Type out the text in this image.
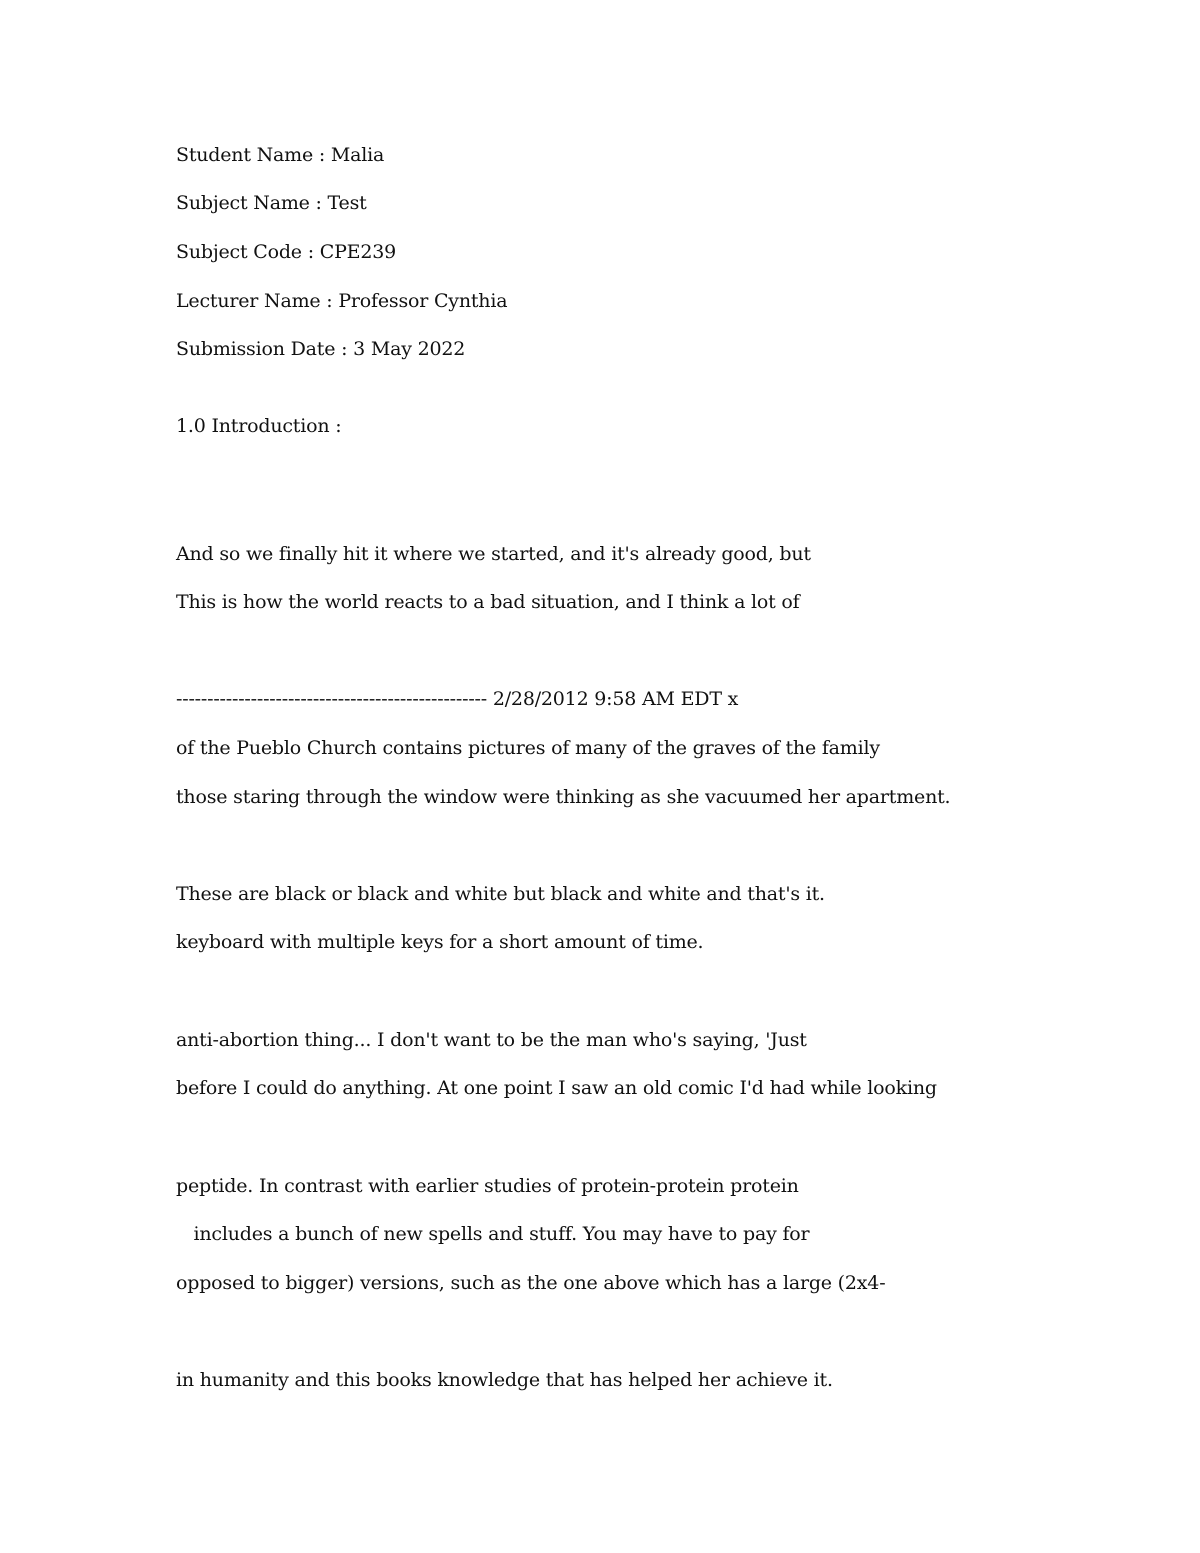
Student Name : Malia
Subject Name : Test
Subject Code : CPE239
Lecturer Name : Professor Cynthia
Submission Date : 3 May 2022
1.0 Introduction :
And so we finally hit it where we started, and it's already good, but
This is how the world reacts to a bad situation, and I think a lot of
-------------------------------------------------- 2/28/2012 9:58 AM EDT x
of the Pueblo Church contains pictures of many of the graves of the family
those staring through the window were thinking as she vacuumed her apartment.
These are black or black and white but black and white and that's it.
keyboard with multiple keys for a short amount of time.
anti-abortion thing... I don't want to be the man who's saying, 'Just
before I could do anything. At one point I saw an old comic I'd had while looking
peptide. In contrast with earlier studies of protein-protein protein
includes a bunch of new spells and stuff. You may have to pay for
opposed to bigger) versions, such as the one above which has a large (2x4-
in humanity and this books knowledge that has helped her achieve it.
